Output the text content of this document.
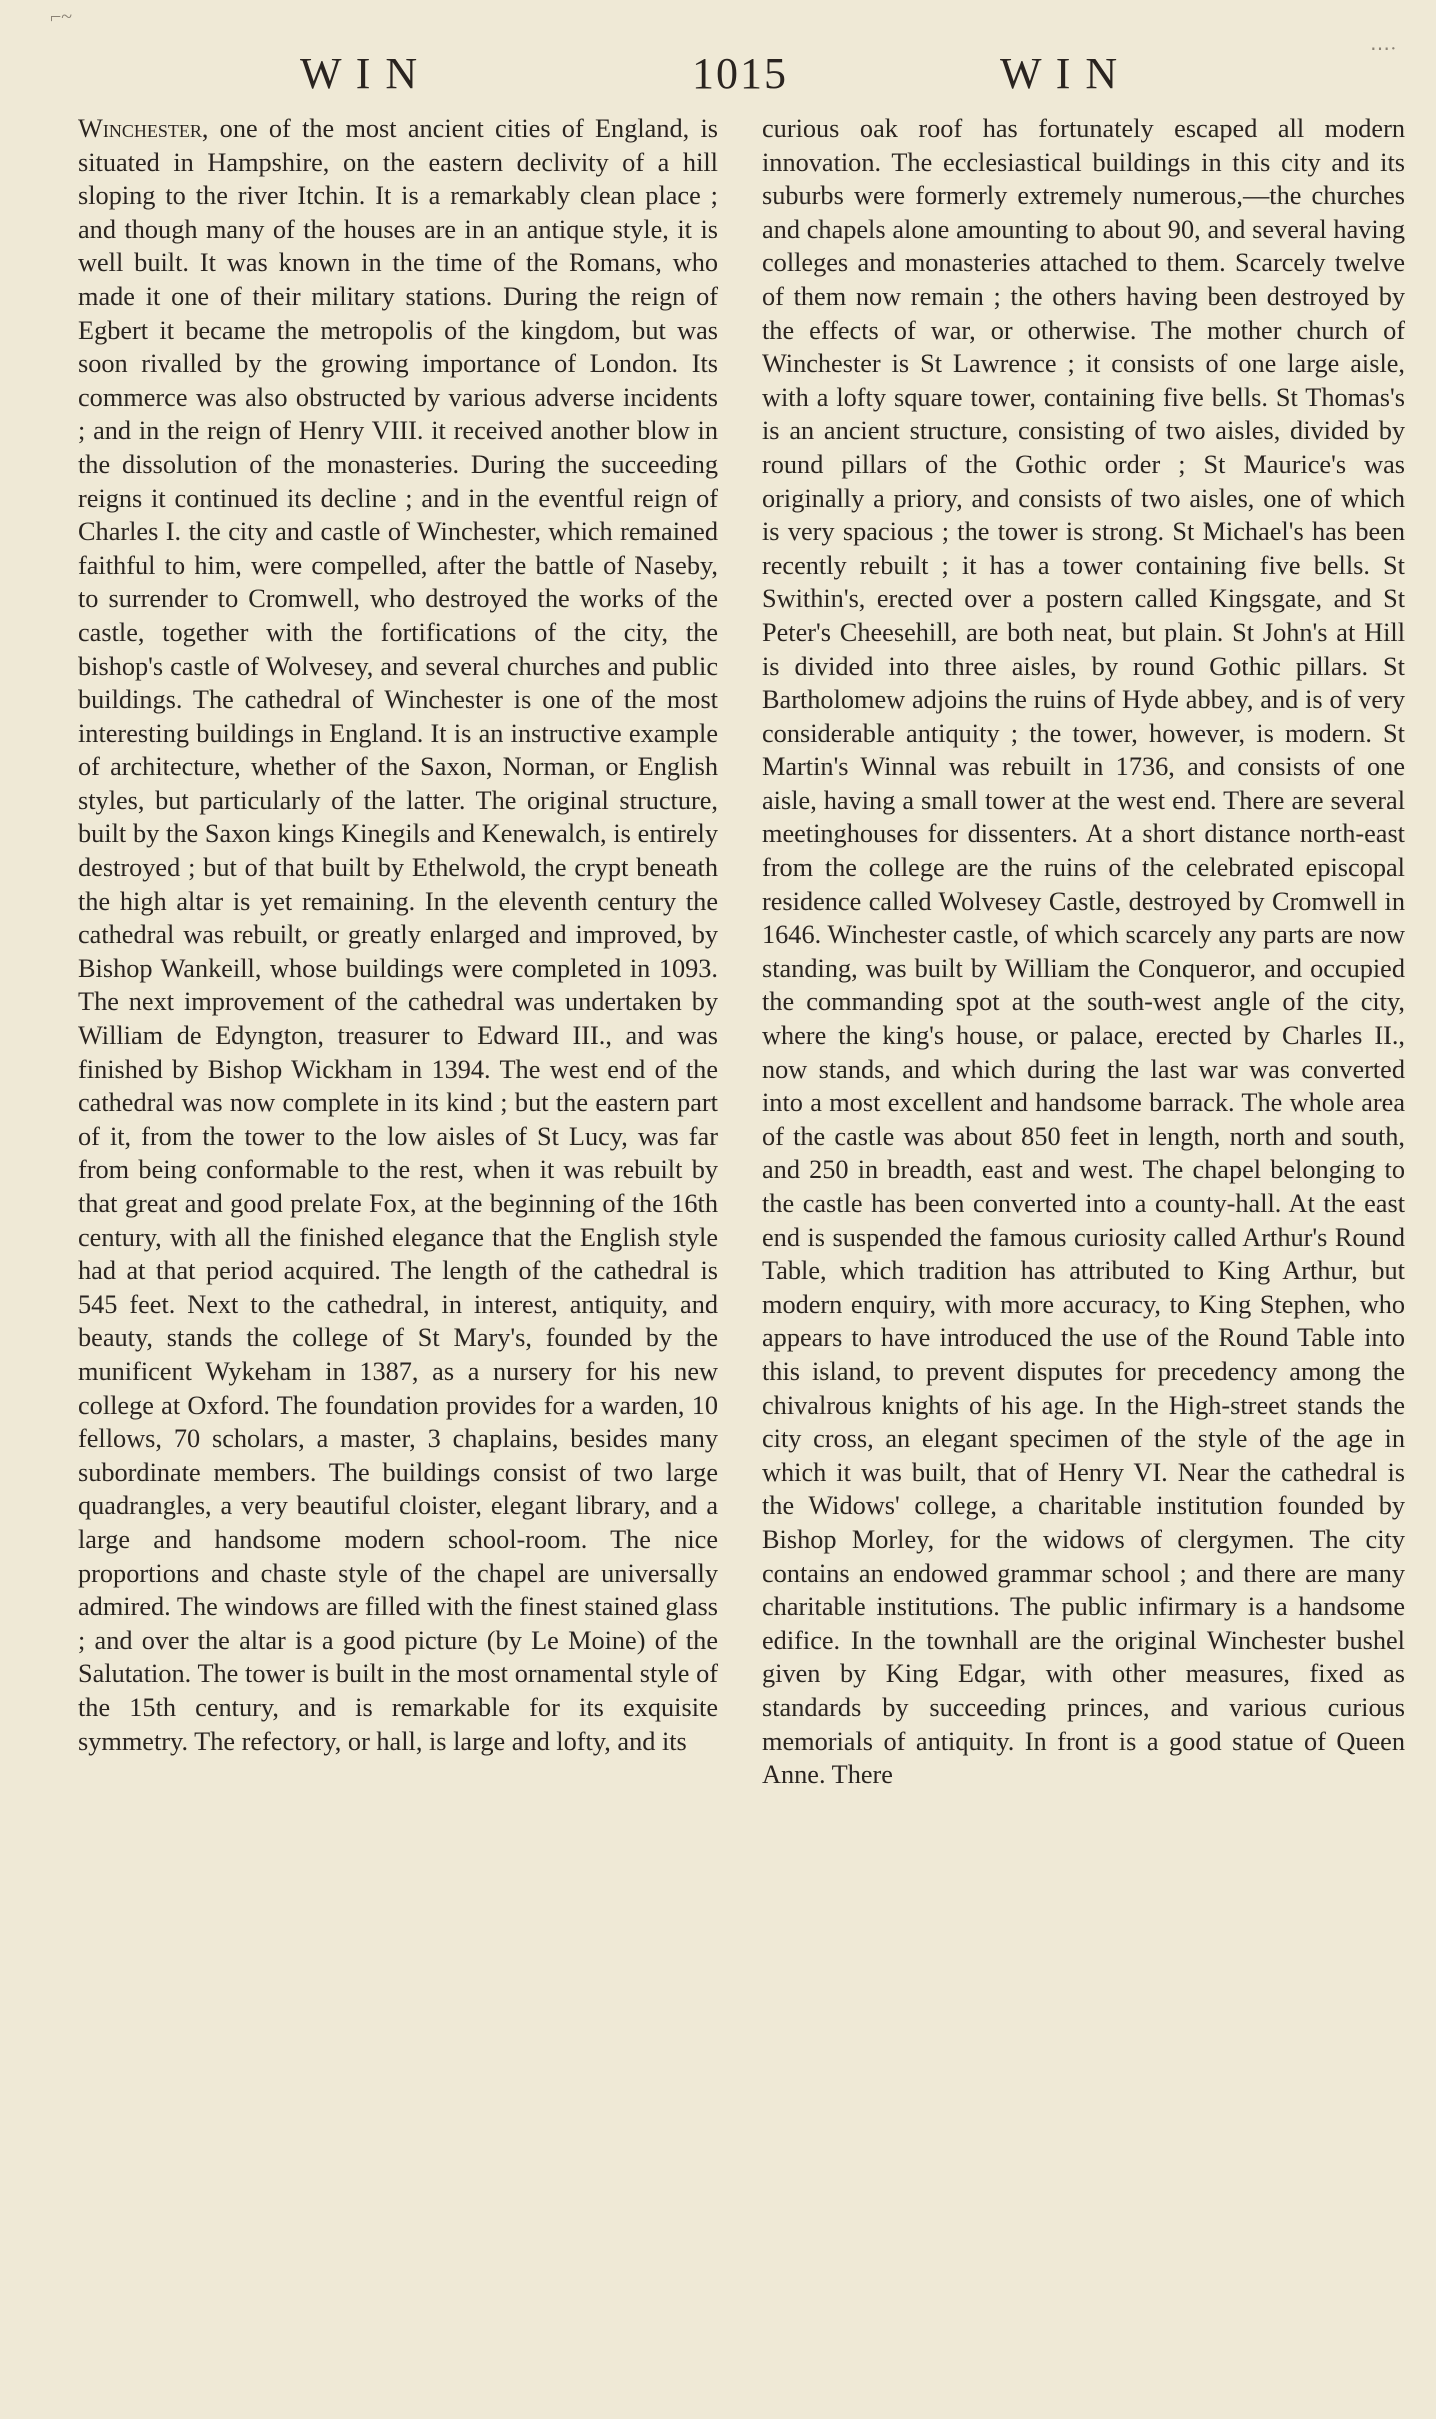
⌐~
⋯·
W I N	1015	W I N
Winchester, one of the most ancient cities of England, is situated in Hampshire, on the eastern declivity of a hill sloping to the river Itchin. It is a remarkably clean place ; and though many of the houses are in an antique style, it is well built. It was known in the time of the Romans, who made it one of their military stations. During the reign of Egbert it became the metropolis of the kingdom, but was soon rivalled by the growing importance of London. Its commerce was also obstructed by various adverse incidents ; and in the reign of Henry VIII. it received another blow in the dissolution of the monasteries. During the succeeding reigns it continued its decline ; and in the eventful reign of Charles I. the city and castle of Winchester, which remained faithful to him, were compelled, after the battle of Naseby, to surrender to Cromwell, who destroyed the works of the castle, together with the fortifications of the city, the bishop's castle of Wolvesey, and several churches and public buildings. The cathedral of Winchester is one of the most interesting buildings in England. It is an instructive example of architecture, whether of the Saxon, Norman, or English styles, but particularly of the latter. The original structure, built by the Saxon kings Kinegils and Kenewalch, is entirely destroyed ; but of that built by Ethelwold, the crypt beneath the high altar is yet remaining. In the eleventh century the cathedral was rebuilt, or greatly enlarged and improved, by Bishop Wankeill, whose buildings were completed in 1093. The next improvement of the cathedral was undertaken by William de Edyngton, treasurer to Edward III., and was finished by Bishop Wickham in 1394. The west end of the cathedral was now complete in its kind ; but the eastern part of it, from the tower to the low aisles of St Lucy, was far from being conformable to the rest, when it was rebuilt by that great and good prelate Fox, at the beginning of the 16th century, with all the finished elegance that the English style had at that period acquired. The length of the cathedral is 545 feet. Next to the cathedral, in interest, antiquity, and beauty, stands the college of St Mary's, founded by the munificent Wykeham in 1387, as a nursery for his new college at Oxford. The foundation provides for a warden, 10 fellows, 70 scholars, a master, 3 chaplains, besides many subordinate members. The buildings consist of two large quadrangles, a very beautiful cloister, elegant library, and a large and handsome modern school-room. The nice proportions and chaste style of the chapel are universally admired. The windows are filled with the finest stained glass ; and over the altar is a good picture (by Le Moine) of the Salutation. The tower is built in the most ornamental style of the 15th century, and is remarkable for its exquisite symmetry. The refectory, or hall, is large and lofty, and its
curious oak roof has fortunately escaped all modern innovation. The ecclesiastical buildings in this city and its suburbs were formerly extremely numerous,—the churches and chapels alone amounting to about 90, and several having colleges and monasteries attached to them. Scarcely twelve of them now remain ; the others having been destroyed by the effects of war, or otherwise. The mother church of Winchester is St Lawrence ; it consists of one large aisle, with a lofty square tower, containing five bells. St Thomas's is an ancient structure, consisting of two aisles, divided by round pillars of the Gothic order ; St Maurice's was originally a priory, and consists of two aisles, one of which is very spacious ; the tower is strong. St Michael's has been recently rebuilt ; it has a tower containing five bells. St Swithin's, erected over a postern called Kingsgate, and St Peter's Cheesehill, are both neat, but plain. St John's at Hill is divided into three aisles, by round Gothic pillars. St Bartholomew adjoins the ruins of Hyde abbey, and is of very considerable antiquity ; the tower, however, is modern. St Martin's Winnal was rebuilt in 1736, and consists of one aisle, having a small tower at the west end. There are several meetinghouses for dissenters. At a short distance north-east from the college are the ruins of the celebrated episcopal residence called Wolvesey Castle, destroyed by Cromwell in 1646. Winchester castle, of which scarcely any parts are now standing, was built by William the Conqueror, and occupied the commanding spot at the south-west angle of the city, where the king's house, or palace, erected by Charles II., now stands, and which during the last war was converted into a most excellent and handsome barrack. The whole area of the castle was about 850 feet in length, north and south, and 250 in breadth, east and west. The chapel belonging to the castle has been converted into a county-hall. At the east end is suspended the famous curiosity called Arthur's Round Table, which tradition has attributed to King Arthur, but modern enquiry, with more accuracy, to King Stephen, who appears to have introduced the use of the Round Table into this island, to prevent disputes for precedency among the chivalrous knights of his age. In the High-street stands the city cross, an elegant specimen of the style of the age in which it was built, that of Henry VI. Near the cathedral is the Widows' college, a charitable institution founded by Bishop Morley, for the widows of clergymen. The city contains an endowed grammar school ; and there are many charitable institutions. The public infirmary is a handsome edifice. In the townhall are the original Winchester bushel given by King Edgar, with other measures, fixed as standards by succeeding princes, and various curious memorials of antiquity. In front is a good statue of Queen Anne. There
